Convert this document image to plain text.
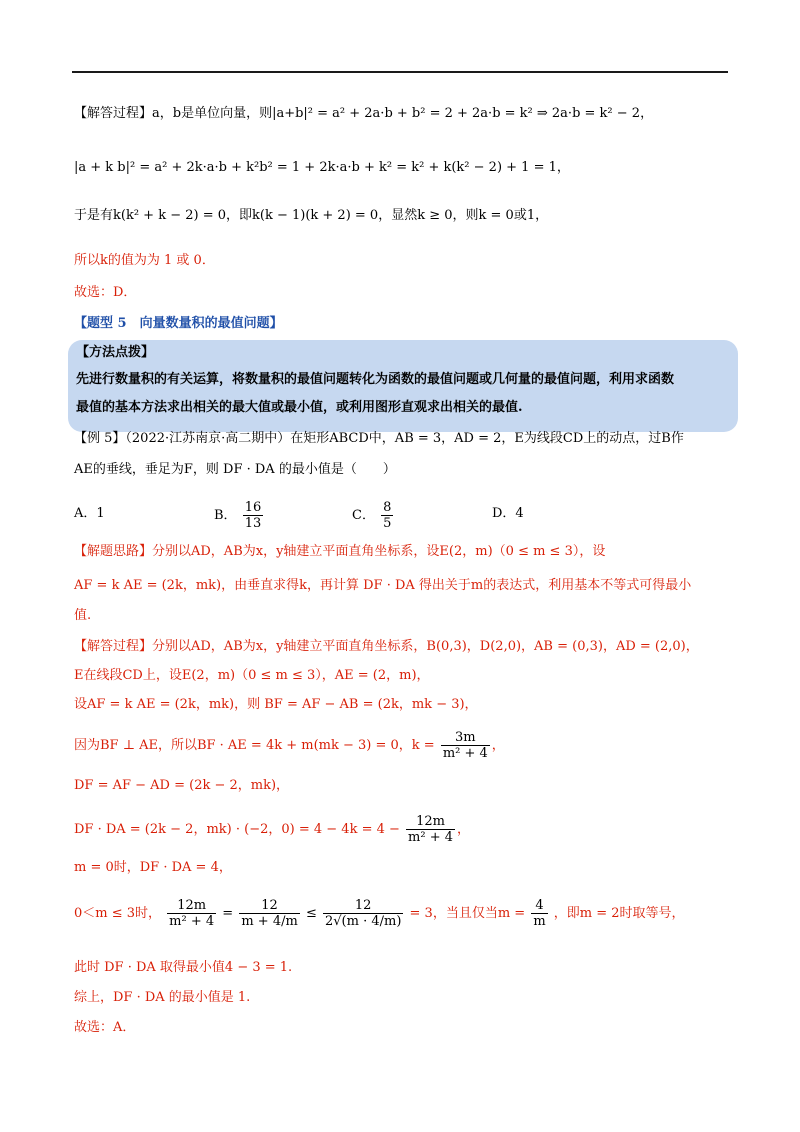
【解答过程】a，b是单位向量，则|a+b|² = a² + 2a·b + b² = 2 + 2a·b = k² ⇒ 2a·b = k² − 2，
|a + k b|² = a² + 2k·a·b + k²b² = 1 + 2k·a·b + k² = k² + k(k² − 2) + 1 = 1，
于是有k(k² + k − 2) = 0，即k(k − 1)(k + 2) = 0，显然k ≥ 0，则k = 0或1，
所以k的值为为 1 或 0．
故选：D．
【题型 5　向量数量积的最值问题】
【方法点拨】
先进行数量积的有关运算，将数量积的最值问题转化为函数的最值问题或几何量的最值问题，利用求函数
最值的基本方法求出相关的最大值或最小值，或利用图形直观求出相关的最值.
【例 5】（2022·江苏南京·高二期中）在矩形ABCD中，AB = 3，AD = 2，E为线段CD上的动点，过B作
AE的垂线，垂足为F，则 DF · DA 的最小值是（　　）
A．1	B． $\frac{16}{13}$	C． $\frac{8}{5}$	D．4
【解题思路】分别以AD，AB为x，y轴建立平面直角坐标系，设E(2，m)（0 ≤ m ≤ 3），设
AF = k AE = (2k，mk)，由垂直求得k，再计算 DF · DA 得出关于m的表达式，利用基本不等式可得最小
值.
【解答过程】分别以AD，AB为x，y轴建立平面直角坐标系，B(0,3)，D(2,0)，AB = (0,3)，AD = (2,0)，
E在线段CD上，设E(2，m)（0 ≤ m ≤ 3），AE = (2，m)，
设AF = k AE = (2k，mk)，则 BF = AF − AB = (2k，mk − 3)，
因为BF ⊥ AE，所以BF · AE = 4k + m(mk − 3) = 0，$k = \frac{3m}{\text{m² + 4}}$ ，
DF = AF − AD = (2k − 2，mk)，
DF · DA = (2k − 2，mk) · (−2，$0) = 4 - 4k = 4 - \frac{12m}{\text{m² + 4}}$ ，
m = 0时，DF · DA = 4，
0＜m ≤ 3时， $\frac{12m}{\text{m² + 4}} = \frac{12}{m + 4/m} \le \frac{12}{2√(m \cdot 4/m)} = 3$，当且仅当$m = \frac{4}{m}$ ，即m = 2时取等号，
此时 DF · DA 取得最小值4 − 3 = 1.
综上，DF · DA 的最小值是 1.
故选：A．
